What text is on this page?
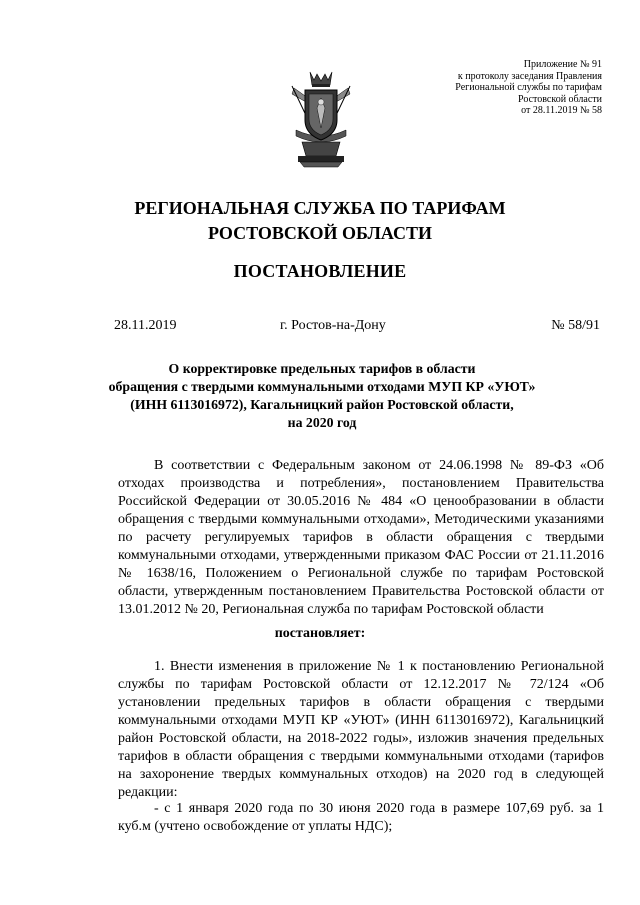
Приложение № 91
к протоколу заседания Правления
Региональной службы по тарифам
Ростовской области
от 28.11.2019 № 58
РЕГИОНАЛЬНАЯ СЛУЖБА ПО ТАРИФАМ
РОСТОВСКОЙ ОБЛАСТИ
ПОСТАНОВЛЕНИЕ
28.11.2019	г. Ростов-на-Дону	№ 58/91
О корректировке предельных тарифов в области
обращения с твердыми коммунальными отходами МУП КР «УЮТ»
(ИНН 6113016972), Кагальницкий район Ростовской области,
на 2020 год

В соответствии с Федеральным законом от 24.06.1998 № 89-ФЗ «Об отходах производства и потребления», постановлением Правительства Российской Федерации от 30.05.2016 № 484 «О ценообразовании в области обращения с твердыми коммунальными отходами», Методическими указаниями по расчету регулируемых тарифов в области обращения с твердыми коммунальными отходами, утвержденными приказом ФАС России от 21.11.2016 № 1638/16, Положением о Региональной службе по тарифам Ростовской области, утвержденным постановлением Правительства Ростовской области от 13.01.2012 № 20, Региональная служба по тарифам Ростовской области

постановляет:

1. Внести изменения в приложение № 1 к постановлению Региональной службы по тарифам Ростовской области от 12.12.2017 № 72/124 «Об установлении предельных тарифов в области обращения с твердыми коммунальными отходами МУП КР «УЮТ» (ИНН 6113016972), Кагальницкий район Ростовской области, на 2018-2022 годы», изложив значения предельных тарифов в области обращения с твердыми коммунальными отходами (тарифов на захоронение твердых коммунальных отходов) на 2020 год в следующей редакции:

- с 1 января 2020 года по 30 июня 2020 года в размере 107,69 руб. за 1 куб.м (учтено освобождение от уплаты НДС);
